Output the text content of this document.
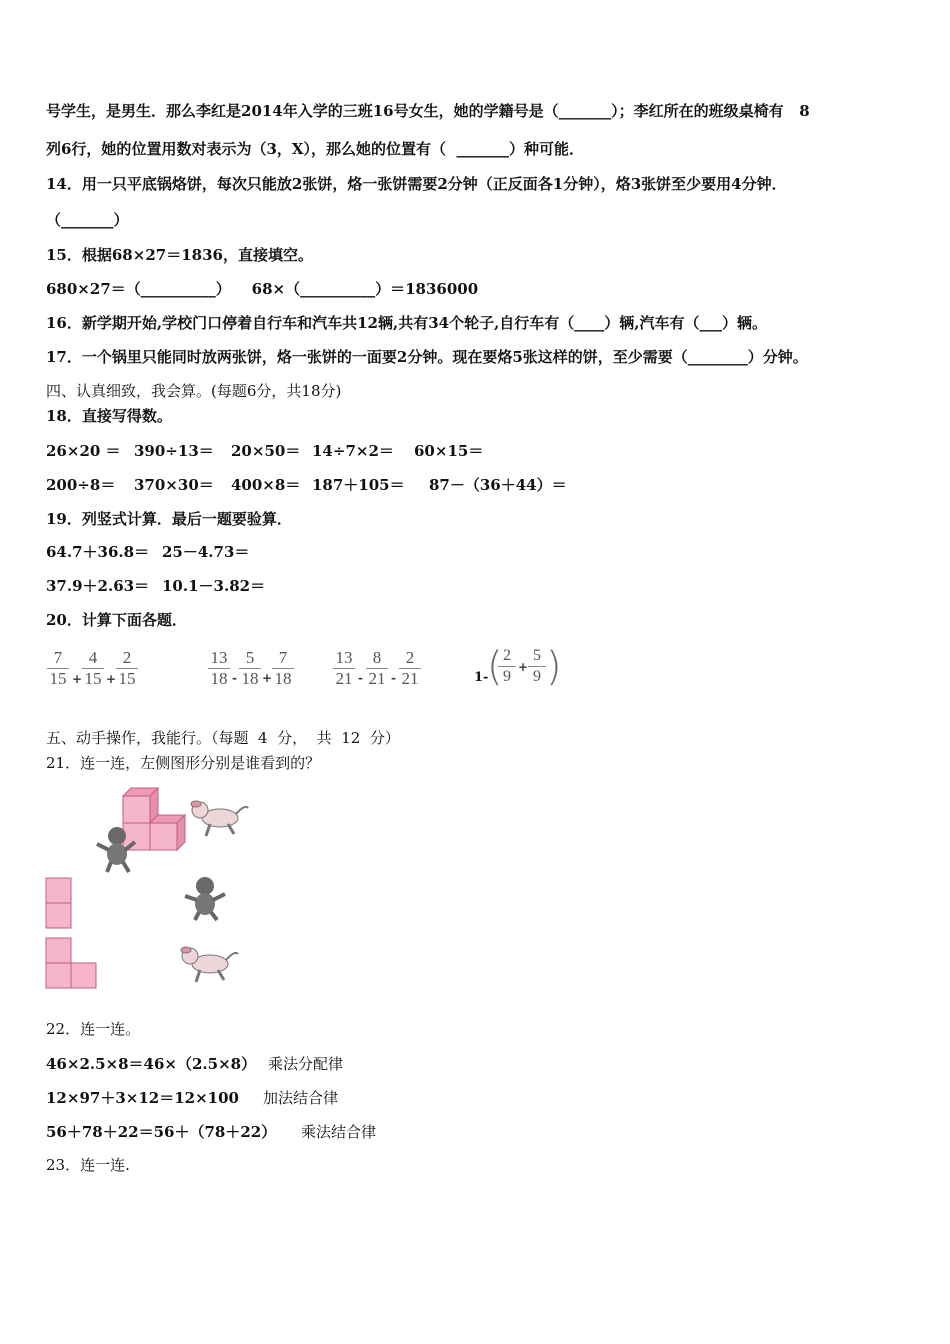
号学生，是男生．那么李红是2014年入学的三班16号女生，她的学籍号是（_______）；李红所在的班级桌椅有   8
列6行，她的位置用数对表示为（3，X），那么她的位置有（  _______）种可能．
14．用一只平底锅烙饼，每次只能放2张饼，烙一张饼需要2分钟（正反面各1分钟），烙3张饼至少要用4分钟．
（_______）
15．根据68×27＝1836，直接填空。
680×27＝（__________）    68×（__________）＝1836000
16．新学期开始,学校门口停着自行车和汽车共12辆,共有34个轮子,自行车有（____）辆,汽车有（___）辆。
17．一个锅里只能同时放两张饼，烙一张饼的一面要2分钟。现在要烙5张这样的饼，至少需要（________）分钟。
四、认真细致，我会算。(每题6分，共18分)
18．直接写得数。
26×20 ＝ 390÷13＝ 20×50＝ 14÷7×2＝ 60×15＝
200÷8＝ 370×30＝ 400×8＝ 187＋105＝ 87－（36＋44）＝
19．列竖式计算．最后一题要验算．
64.7＋36.8＝ 25－4.73＝
37.9＋2.63＝ 10.1－3.82＝
20．计算下面各题．
7
15 +
4
15 +
2
15
13
18 -
5
18 +
7
18
13
21 -
8
21 -
2
21	1-
( 2
9
+
5
9 )
五、动手操作，我能行。（每题  4  分，  共  12  分）
21．连一连，左侧图形分别是谁看到的？
22．连一连。
46×2.5×8＝46×（2.5×8） 乘法分配律
12×97＋3×12＝12×100 加法结合律
56＋78＋22＝56＋（78＋22） 乘法结合律
23．连一连.
